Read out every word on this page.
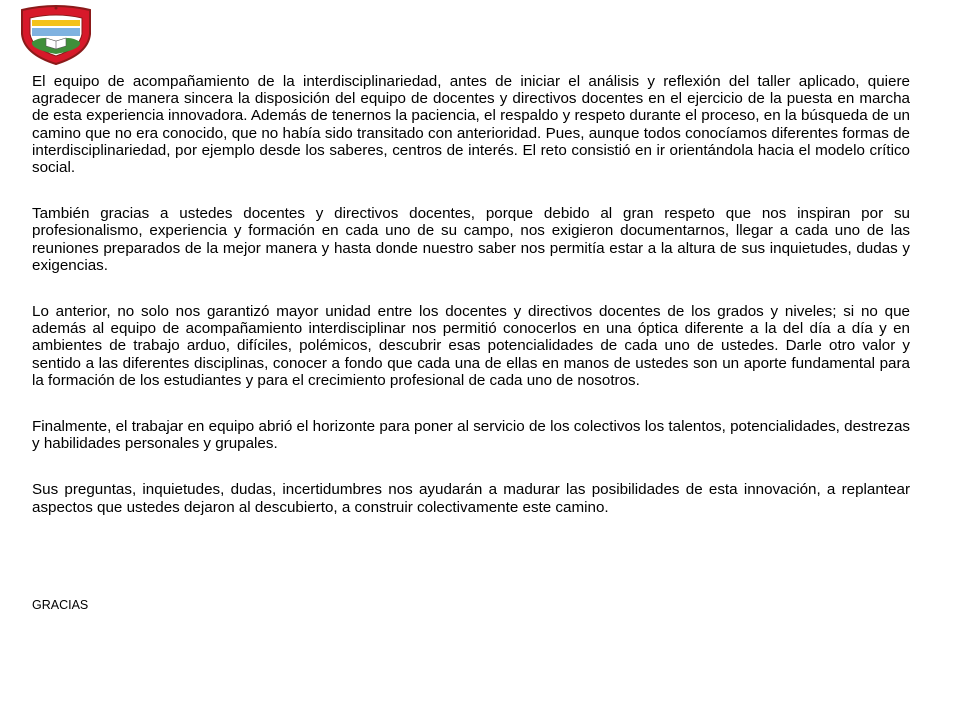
El equipo de acompañamiento de la interdisciplinariedad, antes de iniciar el análisis y reflexión del taller aplicado, quiere agradecer de manera sincera la disposición del equipo de docentes y directivos docentes en el ejercicio de la puesta en marcha de esta experiencia innovadora. Además de tenernos la paciencia, el respaldo y respeto durante el proceso, en la búsqueda de un camino que no era conocido, que no había sido transitado con anterioridad. Pues, aunque todos conocíamos diferentes formas de interdisciplinariedad, por ejemplo desde los saberes, centros de interés. El reto consistió en ir orientándola hacia el modelo crítico social.

También gracias a ustedes docentes y directivos docentes, porque debido al gran respeto que nos inspiran por su profesionalismo, experiencia y formación en cada uno de su campo, nos exigieron documentarnos, llegar a cada uno de las reuniones preparados de la mejor manera y hasta donde nuestro saber nos permitía estar a la altura de sus inquietudes, dudas y exigencias.

Lo anterior, no solo nos garantizó mayor unidad entre los docentes y directivos docentes de los grados y niveles; si no que además al equipo de acompañamiento interdisciplinar nos permitió conocerlos en una óptica diferente a la del día a día y en ambientes de trabajo arduo, difíciles, polémicos, descubrir esas potencialidades de cada uno de ustedes. Darle otro valor y sentido a las diferentes disciplinas, conocer a fondo que cada una de ellas en manos de ustedes son un aporte fundamental para la formación de los estudiantes y para el crecimiento profesional de cada uno de nosotros.

Finalmente, el trabajar en equipo abrió el horizonte para poner al servicio de los colectivos los talentos, potencialidades, destrezas y habilidades personales y grupales.

Sus preguntas, inquietudes, dudas, incertidumbres nos ayudarán a madurar las posibilidades de esta innovación, a replantear aspectos que ustedes dejaron al descubierto, a construir colectivamente este camino.

GRACIAS
